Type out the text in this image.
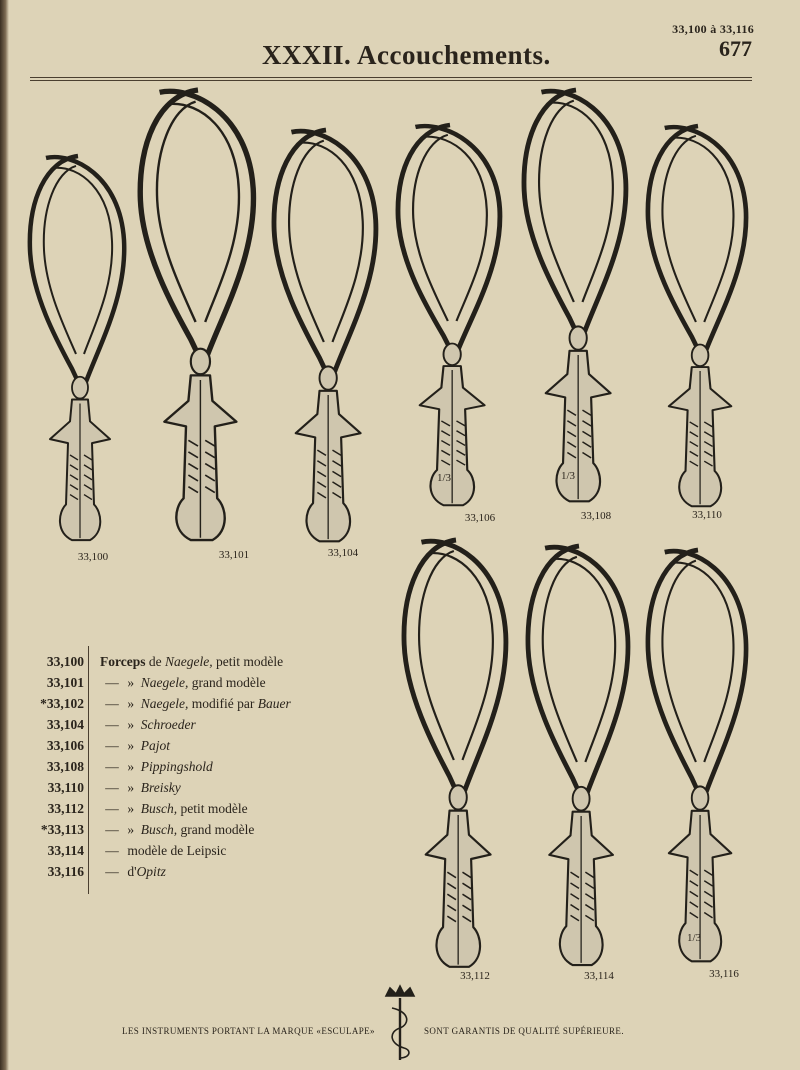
33,100 à 33,116
677
XXXII. Accouchements.
33,100	33,101	33,104
33,106	33,108	33,110
33,112	33,114	33,116
1/3	1/3
1/3
33,100	Forceps de Naegele, petit modèle
33,101	— » Naegele, grand modèle
*33,102	— » Naegele, modifié par Bauer
33,104	— » Schroeder
33,106	— » Pajot
33,108	— » Pippingshold
33,110	— » Breisky
33,112	— » Busch, petit modèle
*33,113	— » Busch, grand modèle
33,114	— modèle de Leipsic
33,116	— d'Opitz
LES INSTRUMENTS PORTANT LA MARQUE «ESCULAPE»	SONT GARANTIS DE QUALITÉ SUPÉRIEURE.
